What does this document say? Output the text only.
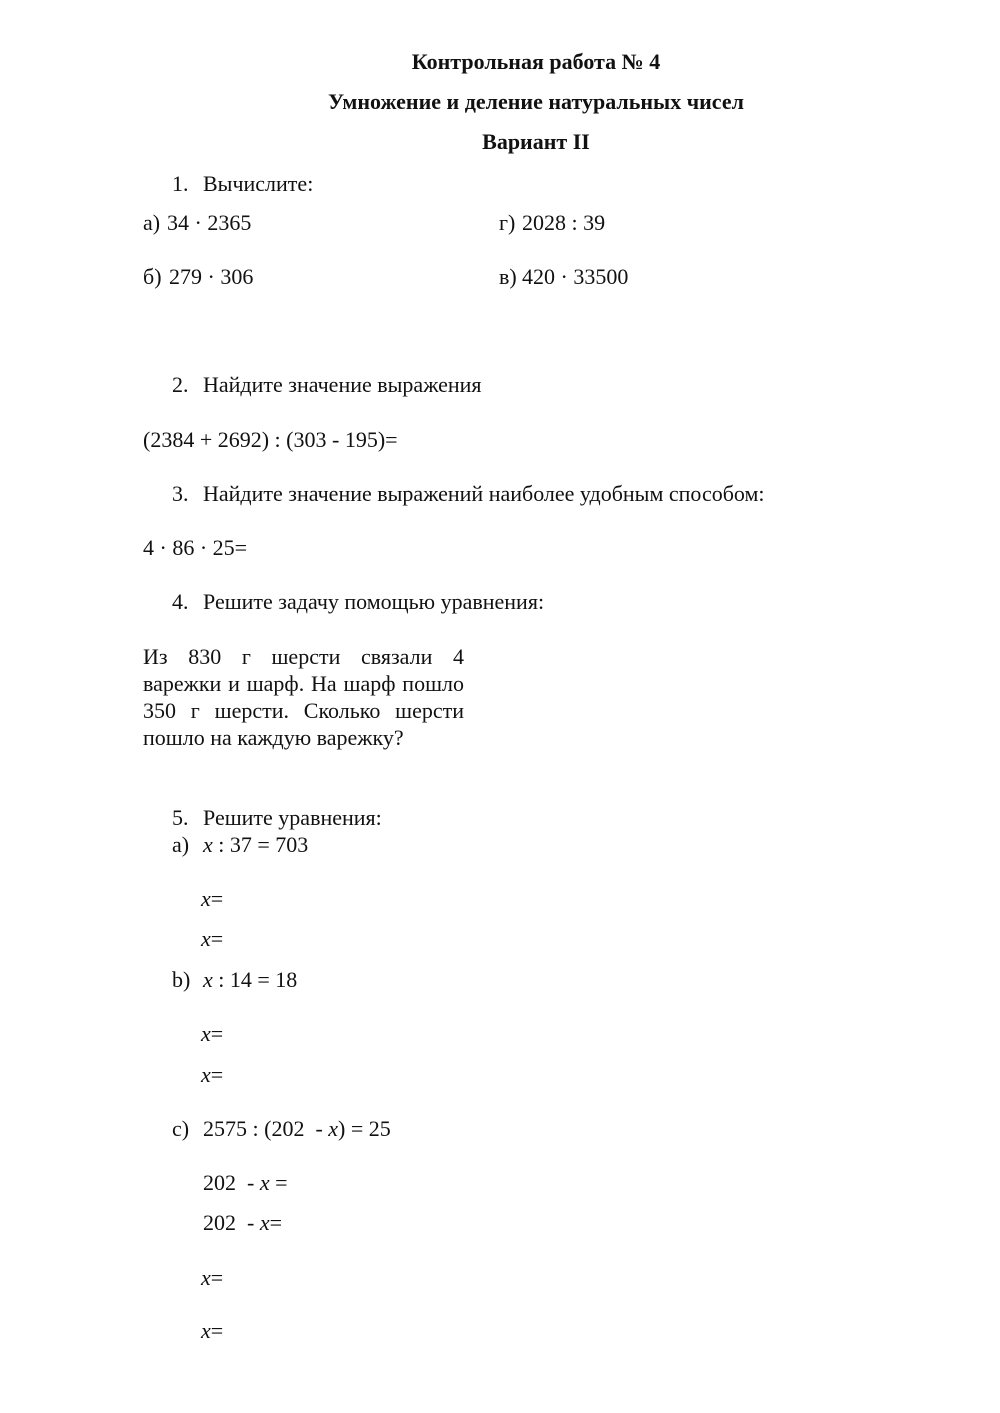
Контрольная работа № 4
Умножение и деление натуральных чисел
Вариант II
1. Вычислите:
а) 34 · 2365	г) 2028 : 39
б) 279 · 306	в) 420 · 33500
2. Найдите значение выражения
(2384 + 2692) : (303 - 195)=
3. Найдите значение выражений наиболее удобным способом:
4 · 86 · 25=
4. Решите задачу помощью уравнения:
Из 830 г шерсти связали 4 варежки и шарф. На шарф пошло 350 г шерсти. Сколько шерсти пошло на каждую варежку?
5. Решите уравнения:
а) x : 37 = 703
x=
x=
b) x : 14 = 18
x=
x=
c) 2575 : (202  - x) = 25
202  - x =
202  - x=
x=
x=
